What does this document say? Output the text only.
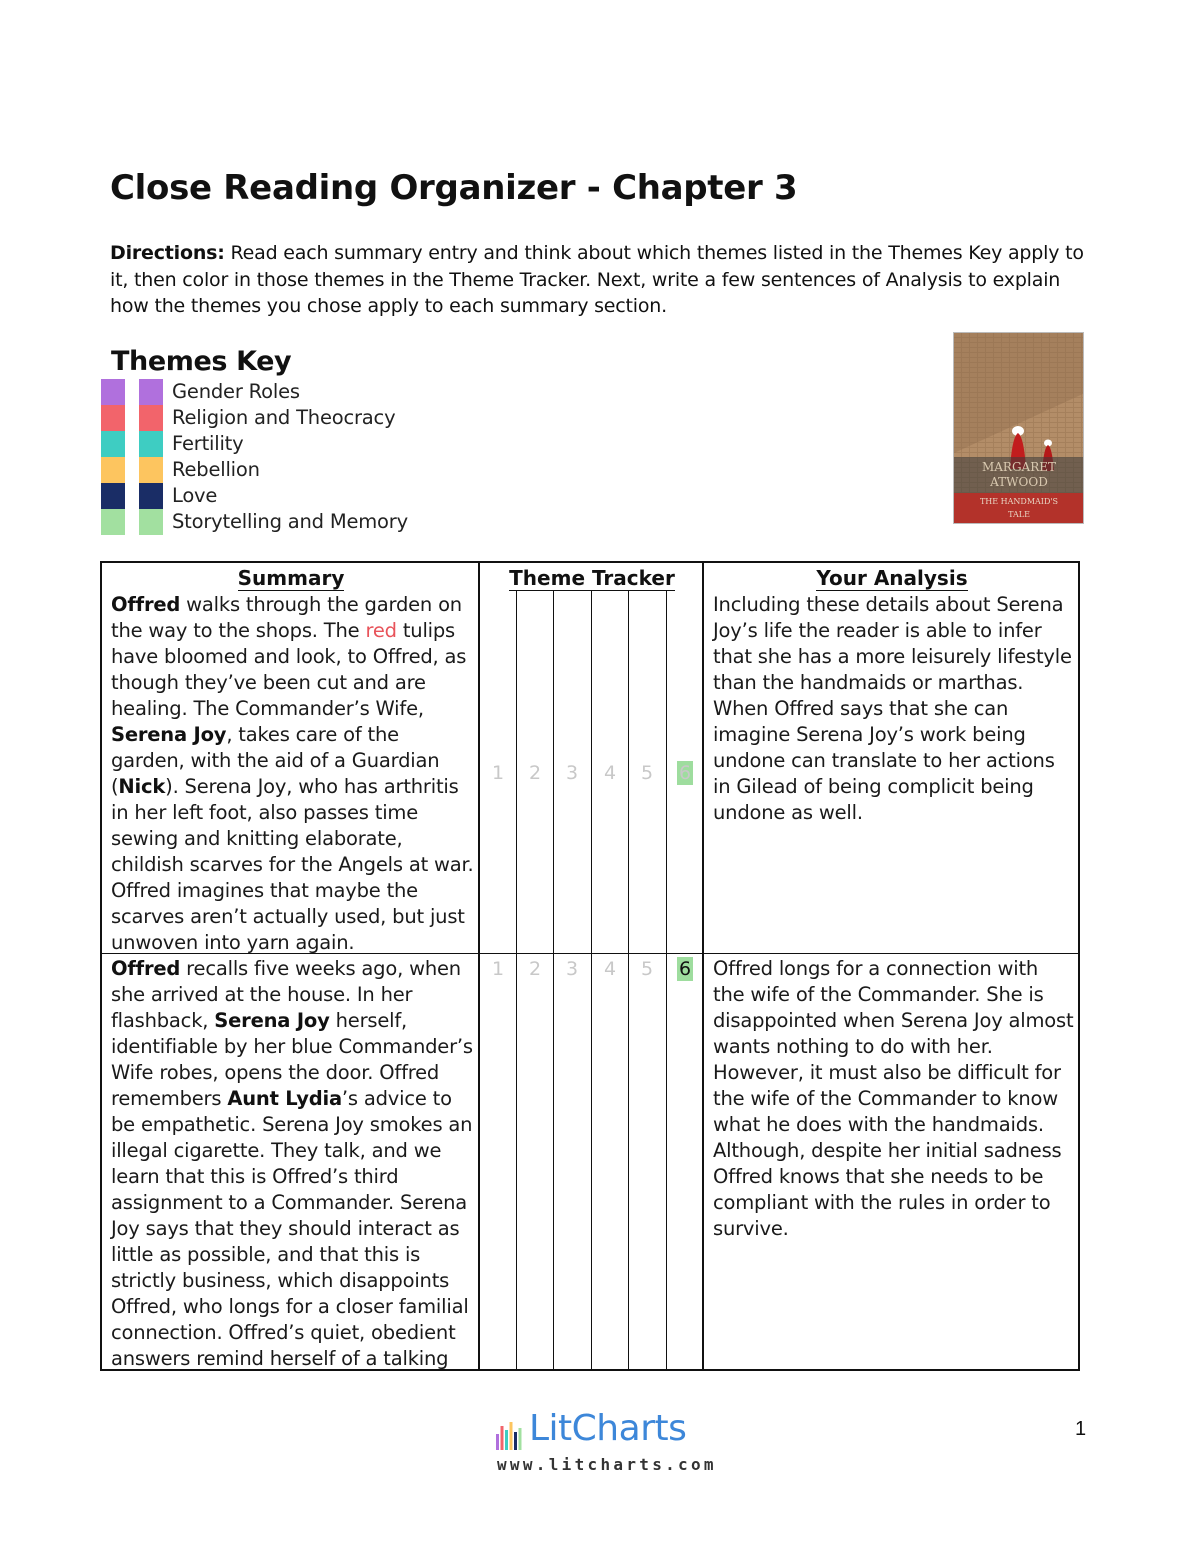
Close Reading Organizer - Chapter 3

Directions: Read each summary entry and think about which themes listed in the Themes Key apply to it, then color in those themes in the Theme Tracker. Next, write a few sentences of Analysis to explain how the themes you chose apply to each summary section.

Themes Key
Gender Roles
Religion and Theocracy
Fertility
Rebellion
Love
Storytelling and Memory
MARGARET
ATWOOD
THE HANDMAID'S
TALE
Summary	Theme Tracker	Your Analysis
Offred walks through the garden on the way to the shops. The red tulips have bloomed and look, to Offred, as though they’ve been cut and are healing. The Commander’s Wife, Serena Joy, takes care of the garden, with the aid of a Guardian (Nick). Serena Joy, who has arthritis in her left foot, also passes time sewing and knitting elaborate, childish scarves for the Angels at war. Offred imagines that maybe the scarves aren’t actually used, but just unwoven into yarn again.
1 2 3 4 5 6
Including these details about Serena Joy’s life the reader is able to infer that she has a more leisurely lifestyle than the handmaids or marthas. When Offred says that she can imagine Serena Joy’s work being undone can translate to her actions in Gilead of being complicit being undone as well.
Offred recalls five weeks ago, when she arrived at the house. In her flashback, Serena Joy herself, identifiable by her blue Commander’s Wife robes, opens the door. Offred remembers Aunt Lydia’s advice to be empathetic. Serena Joy smokes an illegal cigarette. They talk, and we learn that this is Offred’s third assignment to a Commander. Serena Joy says that they should interact as little as possible, and that this is strictly business, which disappoints Offred, who longs for a closer familial connection. Offred’s quiet, obedient answers remind herself of a talking
1 2 3 4 5 6 Offred longs for a connection with the wife of the Commander. She is disappointed when Serena Joy almost wants nothing to do with her. However, it must also be difficult for the wife of the Commander to know what he does with the handmaids. Although, despite her initial sadness Offred knows that she needs to be compliant with the rules in order to survive.
LitCharts
www.litcharts.com
1
